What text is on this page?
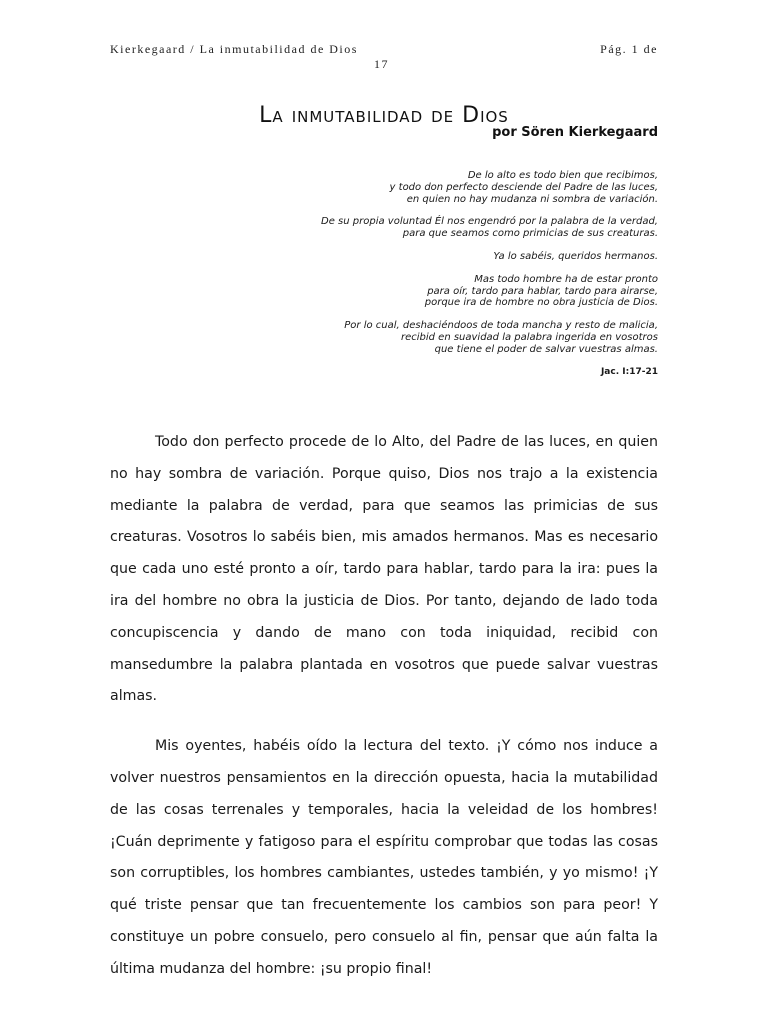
Kierkegaard / La inmutabilidad de Dios	Pág. 1 de
17
La inmutabilidad de Dios
por Sören Kierkegaard
De lo alto es todo bien que recibimos,
y todo don perfecto desciende del Padre de las luces,
en quien no hay mudanza ni sombra de variación.
De su propia voluntad Él nos engendró por la palabra de la verdad,
para que seamos como primicias de sus creaturas.
Ya lo sabéis, queridos hermanos.
Mas todo hombre ha de estar pronto
para oír, tardo para hablar, tardo para airarse,
porque ira de hombre no obra justicia de Dios.
Por lo cual, deshaciéndoos de toda mancha y resto de malicia,
recibid en suavidad la palabra ingerida en vosotros
que tiene el poder de salvar vuestras almas.
Jac. I:17-21

Todo don perfecto procede de lo Alto, del Padre de las luces, en quien no hay sombra de variación. Porque quiso, Dios nos trajo a la existencia mediante la palabra de verdad, para que seamos las primicias de sus creaturas. Vosotros lo sabéis bien, mis amados hermanos. Mas es necesario que cada uno esté pronto a oír, tardo para hablar, tardo para la ira: pues la ira del hombre no obra la justicia de Dios. Por tanto, dejando de lado toda concupiscencia y dando de mano con toda iniquidad, recibid con mansedumbre la palabra plantada en vosotros que puede salvar vuestras almas.

Mis oyentes, habéis oído la lectura del texto. ¡Y cómo nos induce a volver nuestros pensamientos en la dirección opuesta, hacia la mutabilidad de las cosas terrenales y temporales, hacia la veleidad de los hombres! ¡Cuán deprimente y fatigoso para el espíritu comprobar que todas las cosas son corruptibles, los hombres cambiantes, ustedes también, y yo mismo! ¡Y qué triste pensar que tan frecuentemente los cambios son para peor! Y constituye un pobre consuelo, pero consuelo al fin, pensar que aún falta la última mudanza del hombre: ¡su propio final!
